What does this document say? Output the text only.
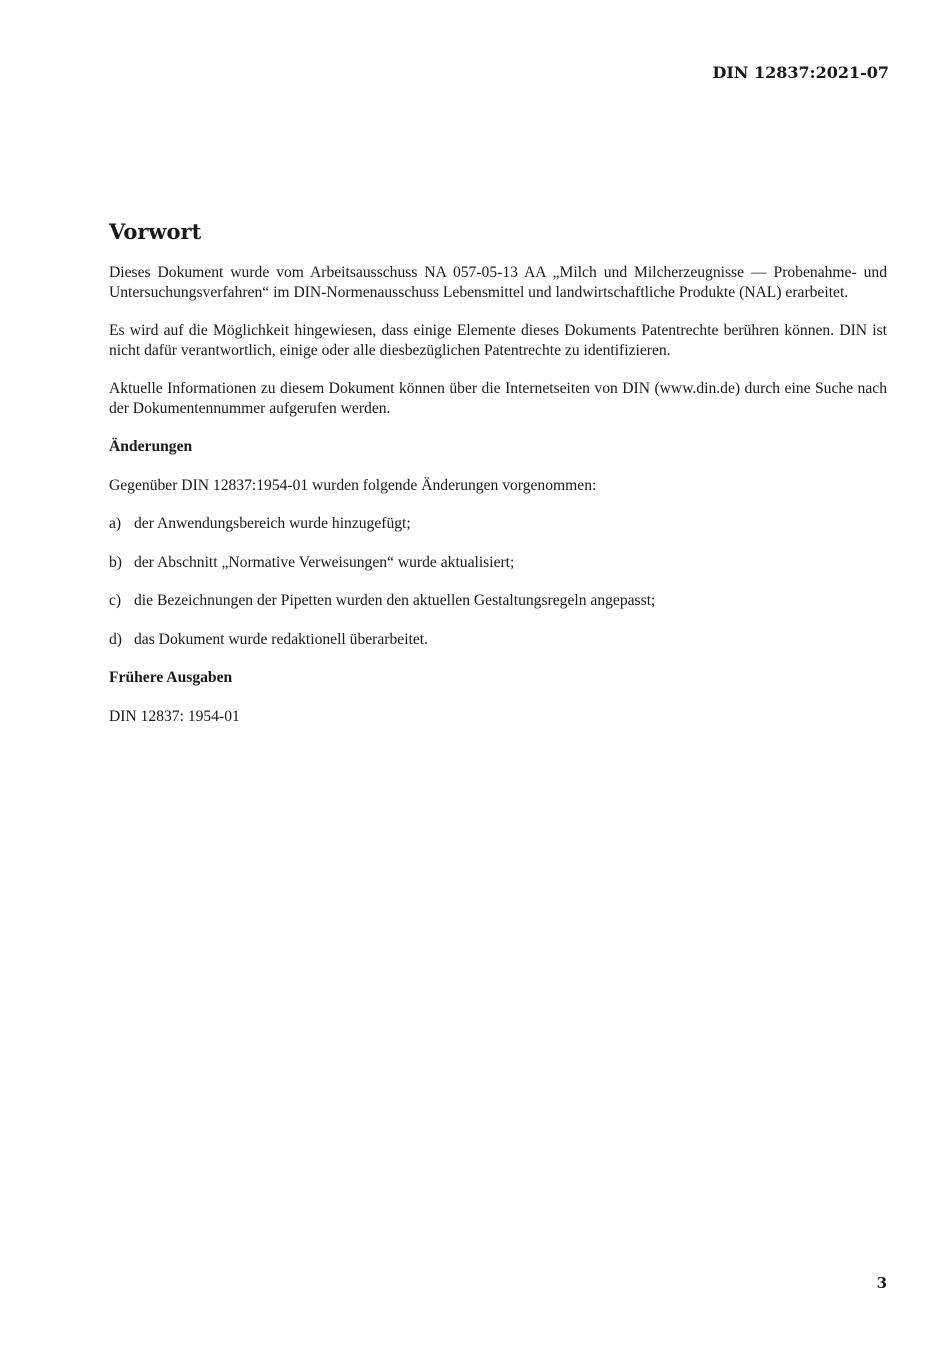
DIN 12837:2021-07
Vorwort

Dieses Dokument wurde vom Arbeitsausschuss NA 057-05-13 AA „Milch und Milcherzeugnisse — Probenahme- und Untersuchungsverfahren“ im DIN-Normenausschuss Lebensmittel und landwirtschaftliche Produkte (NAL) erarbeitet.

Es wird auf die Möglichkeit hingewiesen, dass einige Elemente dieses Dokuments Patentrechte berühren können. DIN ist nicht dafür verantwortlich, einige oder alle diesbezüglichen Patentrechte zu identifizieren.

Aktuelle Informationen zu diesem Dokument können über die Internetseiten von DIN (www.din.de) durch eine Suche nach der Dokumentennummer aufgerufen werden.

Änderungen

Gegenüber DIN 12837:1954-01 wurden folgende Änderungen vorgenommen:

a) der Anwendungsbereich wurde hinzugefügt;
b) der Abschnitt „Normative Verweisungen“ wurde aktualisiert;
c) die Bezeichnungen der Pipetten wurden den aktuellen Gestaltungsregeln angepasst;
d) das Dokument wurde redaktionell überarbeitet.
Frühere Ausgaben

DIN 12837: 1954-01

3
